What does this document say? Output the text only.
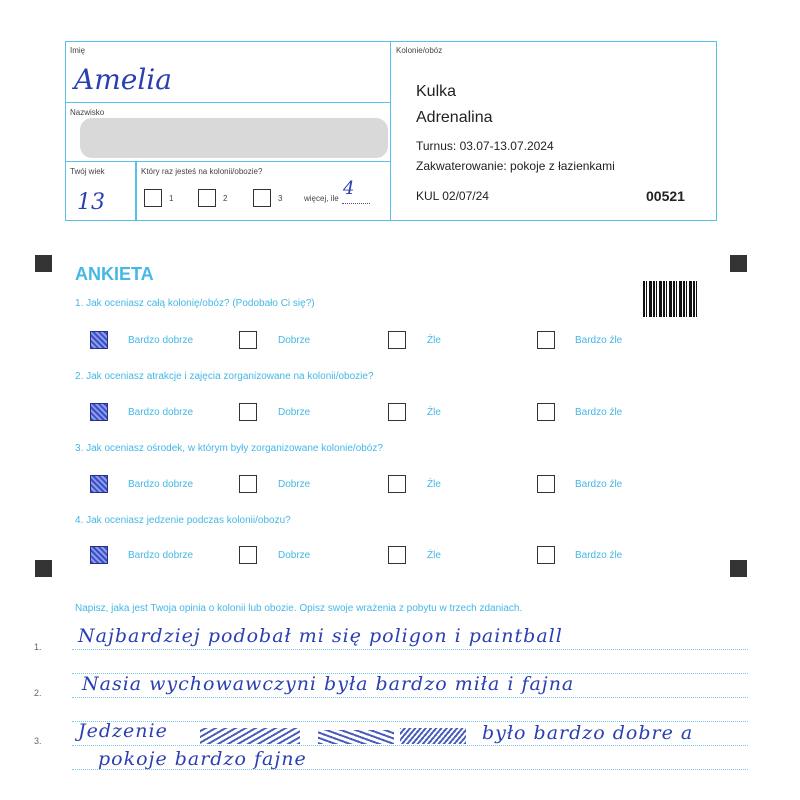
Imię
Amelia
Nazwisko
Twój wiek
13
Który raz jesteś na kolonii/obozie?
1	2	3	więcej, ile 4
Kolonie/obóz
Kulka
Adrenalina
Turnus: 03.07-13.07.2024
Zakwaterowanie: pokoje z łazienkami
KUL 02/07/24	00521
ANKIETA
1. Jak oceniasz całą kolonię/obóz? (Podobało Ci się?)
Bardzo dobrze	Dobrze	Źle	Bardzo źle
2. Jak oceniasz atrakcje i zajęcia zorganizowane na kolonii/obozie?
Bardzo dobrze	Dobrze	Źle	Bardzo źle
3. Jak oceniasz ośrodek, w którym były zorganizowane kolonie/obóz?
Bardzo dobrze	Dobrze	Źle	Bardzo źle
4. Jak oceniasz jedzenie podczas kolonii/obozu?
Bardzo dobrze	Dobrze	Źle	Bardzo źle
Napisz, jaka jest Twoja opinia o kolonii lub obozie. Opisz swoje wrażenia z pobytu w trzech zdaniach.
1.
2.
3.
Najbardziej podobał mi się poligon i paintball
Nasia wychowawczyni była bardzo miła i fajna
Jedzenie	było bardzo dobre a
pokoje bardzo fajne
